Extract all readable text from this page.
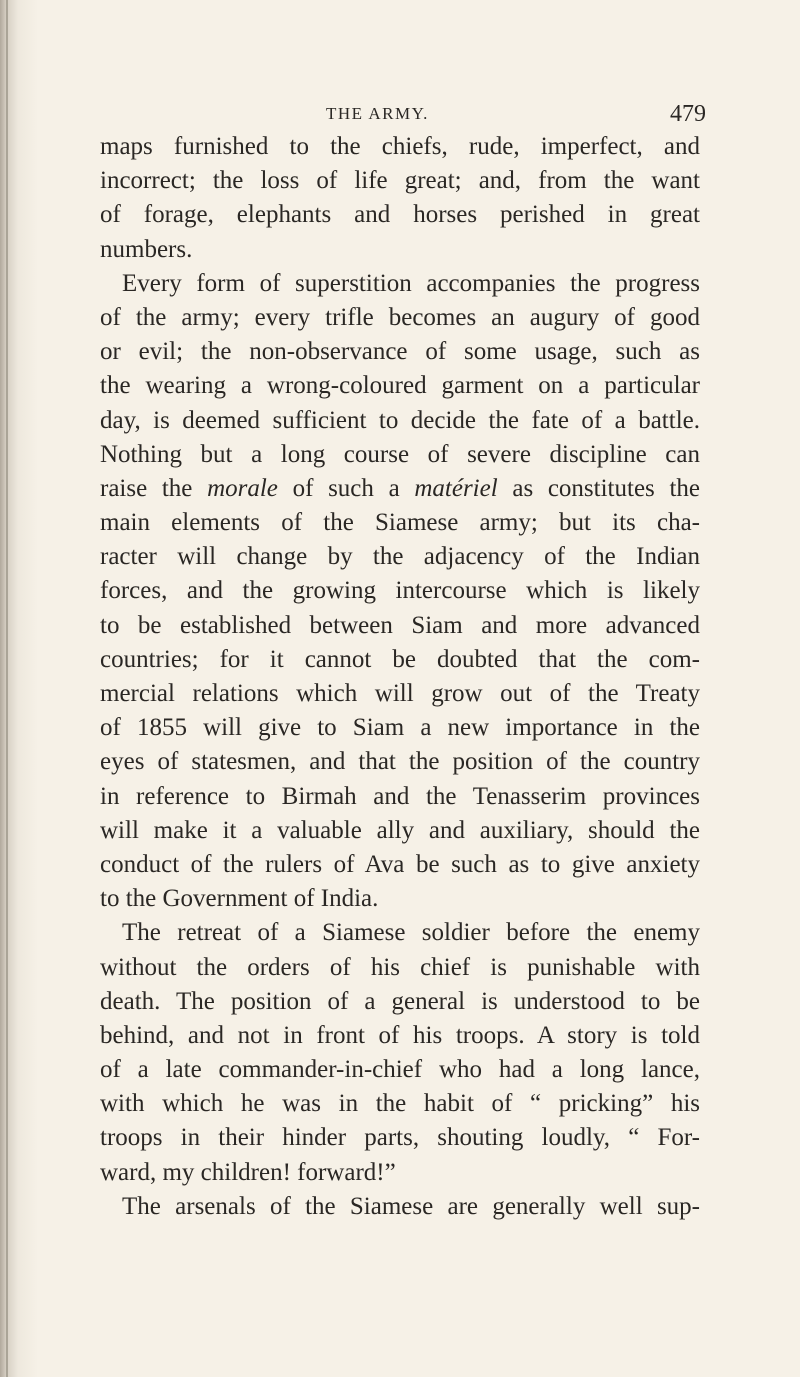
THE ARMY.	479
maps furnished to the chiefs, rude, imperfect, and
incorrect; the loss of life great; and, from the want
of forage, elephants and horses perished in great
numbers.
Every form of superstition accompanies the progress
of the army; every trifle becomes an augury of good
or evil; the non-observance of some usage, such as
the wearing a wrong-coloured garment on a particular
day, is deemed sufficient to decide the fate of a battle.
Nothing but a long course of severe discipline can
raise the morale of such a matériel as constitutes the
main elements of the Siamese army; but its cha-
racter will change by the adjacency of the Indian
forces, and the growing intercourse which is likely
to be established between Siam and more advanced
countries; for it cannot be doubted that the com-
mercial relations which will grow out of the Treaty
of 1855 will give to Siam a new importance in the
eyes of statesmen, and that the position of the country
in reference to Birmah and the Tenasserim provinces
will make it a valuable ally and auxiliary, should the
conduct of the rulers of Ava be such as to give anxiety
to the Government of India.
The retreat of a Siamese soldier before the enemy
without the orders of his chief is punishable with
death. The position of a general is understood to be
behind, and not in front of his troops. A story is told
of a late commander-in-chief who had a long lance,
with which he was in the habit of “ pricking” his
troops in their hinder parts, shouting loudly, “ For-
ward, my children! forward!”
The arsenals of the Siamese are generally well sup-
